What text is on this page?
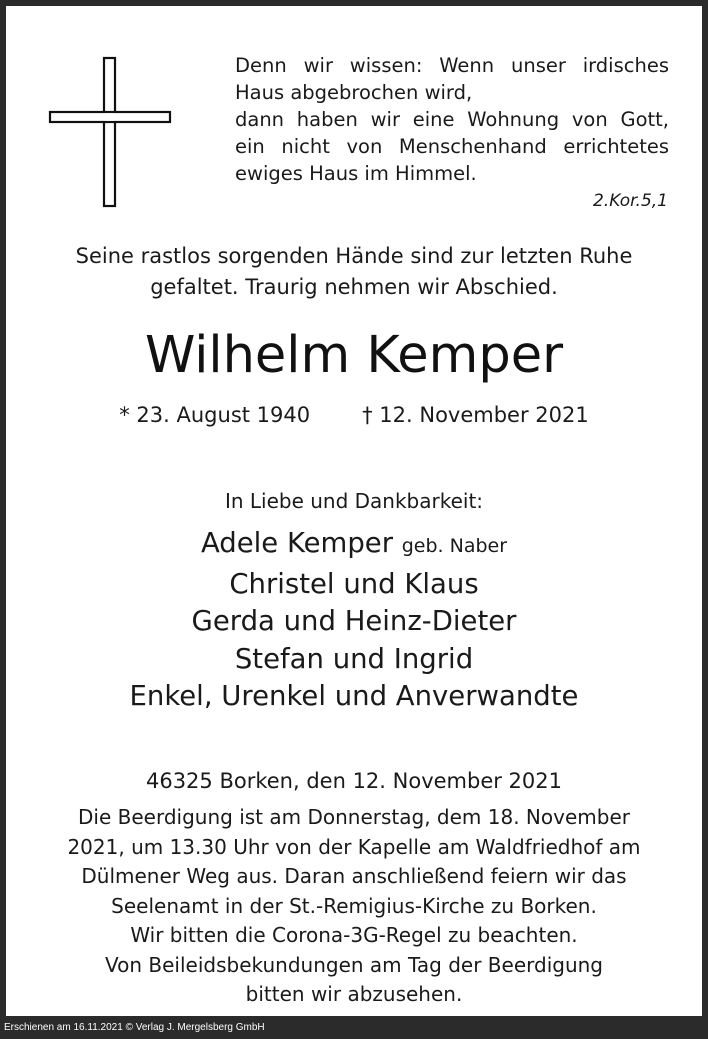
Denn wir wissen: Wenn unser irdisches
Haus abgebrochen wird,
dann haben wir eine Wohnung von Gott,
ein nicht von Menschenhand errichtetes
ewiges Haus im Himmel.
2.Kor.5,1
Seine rastlos sorgenden Hände sind zur letzten Ruhe
gefaltet. Traurig nehmen wir Abschied.
Wilhelm Kemper
* 23. August 1940 † 12. November 2021
In Liebe und Dankbarkeit:
Adele Kemper geb. Naber
Christel und Klaus
Gerda und Heinz-Dieter
Stefan und Ingrid
Enkel, Urenkel und Anverwandte
46325 Borken, den 12. November 2021
Die Beerdigung ist am Donnerstag, dem 18. November
2021, um 13.30 Uhr von der Kapelle am Waldfriedhof am
Dülmener Weg aus. Daran anschließend feiern wir das
Seelenamt in der St.-Remigius-Kirche zu Borken.
Wir bitten die Corona-3G-Regel zu beachten.
Von Beileidsbekundungen am Tag der Beerdigung
bitten wir abzusehen.
Erschienen am 16.11.2021 © Verlag J. Mergelsberg GmbH
